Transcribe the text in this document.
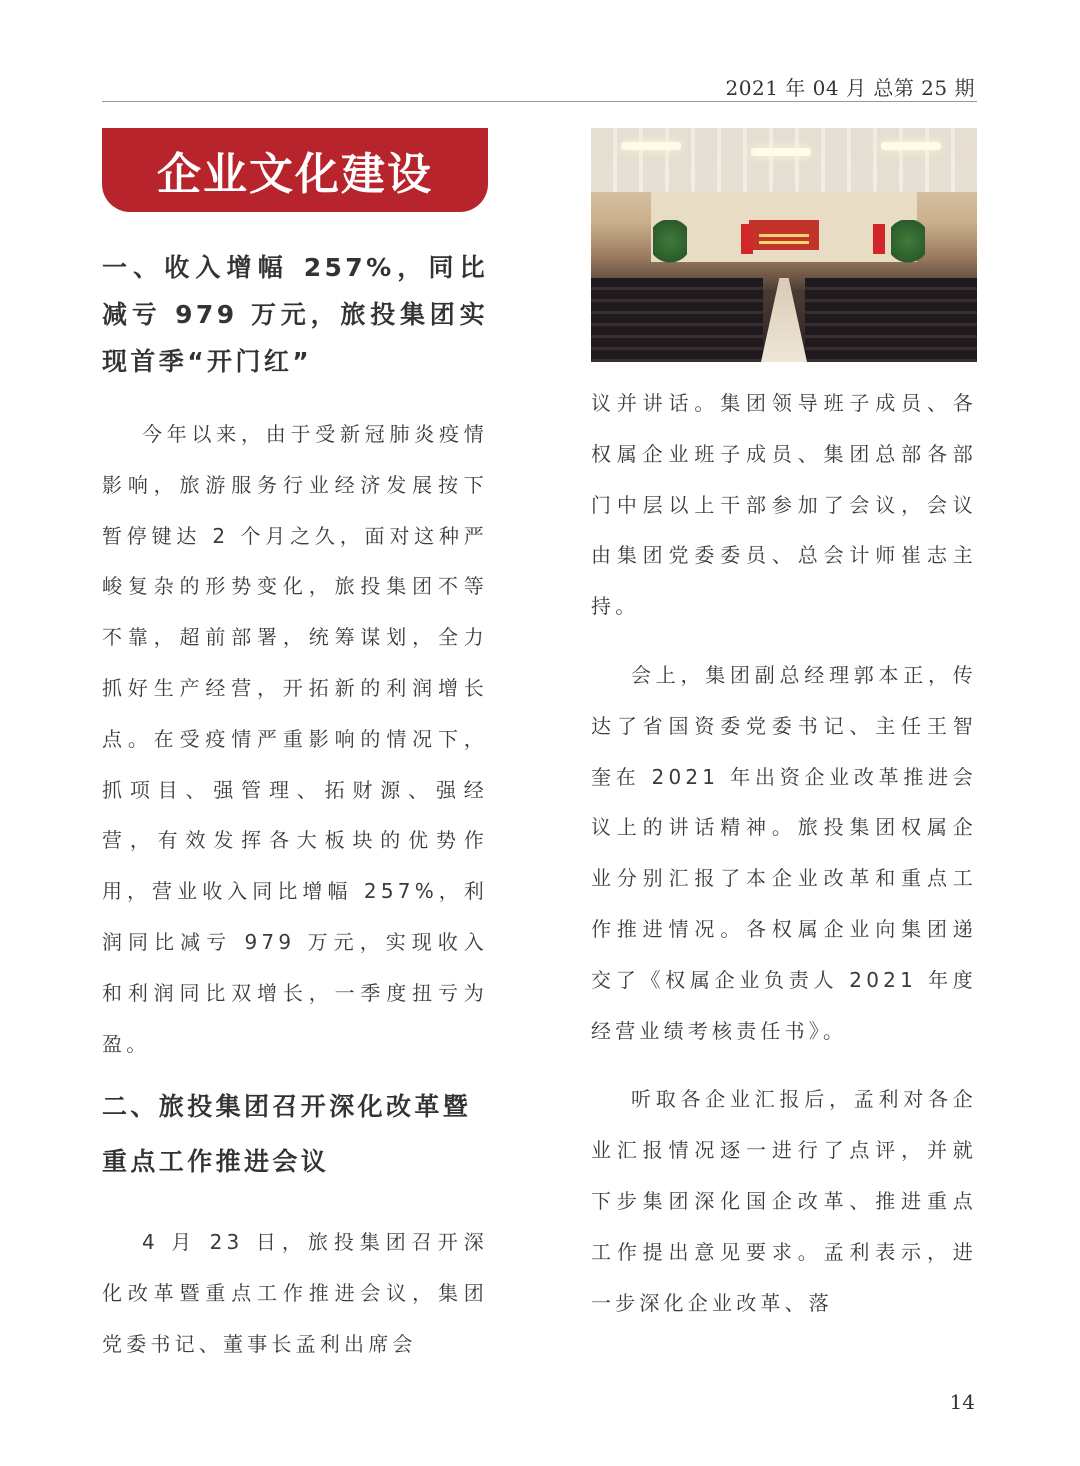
2021 年 04 月 总第 25 期
企业文化建设

一、收入增幅 257%，同比减亏 979 万元，旅投集团实现首季“开门红”

今年以来，由于受新冠肺炎疫情影响，旅游服务行业经济发展按下暂停键达 2 个月之久，面对这种严峻复杂的形势变化，旅投集团不等不靠，超前部署，统筹谋划，全力抓好生产经营，开拓新的利润增长点。在受疫情严重影响的情况下，抓项目、强管理、拓财源、强经营，有效发挥各大板块的优势作用，营业收入同比增幅 257%，利润同比减亏 979 万元，实现收入和利润同比双增长，一季度扭亏为盈。

二、旅投集团召开深化改革暨重点工作推进会议

4 月 23 日，旅投集团召开深化改革暨重点工作推进会议，集团党委书记、董事长孟利出席会

议并讲话。集团领导班子成员、各权属企业班子成员、集团总部各部门中层以上干部参加了会议，会议由集团党委委员、总会计师崔志主持。

会上，集团副总经理郭本正，传达了省国资委党委书记、主任王智奎在 2021 年出资企业改革推进会议上的讲话精神。旅投集团权属企业分别汇报了本企业改革和重点工作推进情况。各权属企业向集团递交了《权属企业负责人 2021 年度经营业绩考核责任书》。

听取各企业汇报后，孟利对各企业汇报情况逐一进行了点评，并就下步集团深化国企改革、推进重点工作提出意见要求。孟利表示，进一步深化企业改革、落

14
